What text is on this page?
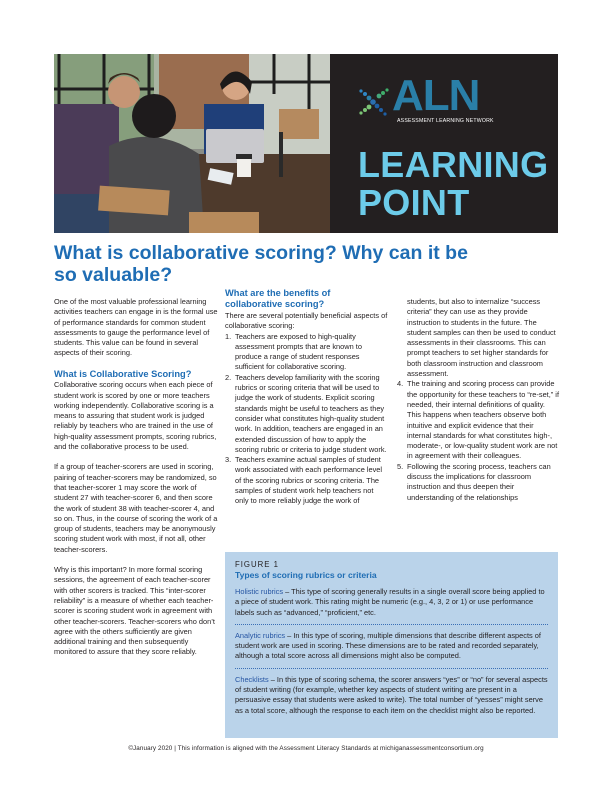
ALN
ASSESSMENT LEARNING NETWORK
LEARNING
POINT
What is collaborative scoring? Why can it be so valuable?

One of the most valuable professional learning activities teachers can engage in is the formal use of performance standards for common student assessments to gauge the performance level of students. This value can be found in several aspects of their scoring.

What is Collaborative Scoring?

Collaborative scoring occurs when each piece of student work is scored by one or more teachers working independently. Collaborative scoring is a means to assuring that student work is judged reliably by teachers who are trained in the use of high-quality assessment prompts, scoring rubrics, and the collaborative process to be used.

If a group of teacher-scorers are used in scoring, pairing of teacher-scorers may be randomized, so that teacher-scorer 1 may score the work of student 27 with teacher-scorer 6, and then score the work of student 38 with teacher-scorer 4, and so on. Thus, in the course of scoring the work of a group of students, teachers may be anonymously scoring student work with most, if not all, other teacher-scorers.

Why is this important? In more formal scoring sessions, the agreement of each teacher-scorer with other scorers is tracked. This “inter-scorer reliability” is a measure of whether each teacher-scorer is scoring student work in agreement with other teacher-scorers. Teacher-scorers who don’t agree with the others sufficiently are given additional training and then subsequently monitored to assure that they score reliably.

What are the benefits of collaborative scoring?
There are several potentially beneficial aspects of collaborative scoring:
1. Teachers are exposed to high-quality assessment prompts that are known to produce a range of student responses sufficient for collaborative scoring.
2. Teachers develop familiarity with the scoring rubrics or scoring criteria that will be used to judge the work of students. Explicit scoring standards might be useful to teachers as they consider what constitutes high-quality student work. In addition, teachers are engaged in an extended discussion of how to apply the scoring rubric or criteria to judge student work.
3. Teachers examine actual samples of student work associated with each performance level of the scoring rubrics or scoring criteria. The samples of student work help teachers not only to more reliably judge the work of
students, but also to internalize “success criteria” they can use as they provide instruction to students in the future. The student samples can then be used to conduct assessments in their classrooms. This can prompt teachers to set higher standards for both classroom instruction and classroom assessment.
4. The training and scoring process can provide the opportunity for these teachers to “re-set,” if needed, their internal definitions of quality. This happens when teachers observe both intuitive and explicit evidence that their internal standards for what constitutes high-, moderate-, or low-quality student work are not in agreement with their colleagues.
5. Following the scoring process, teachers can discuss the implications for classroom instruction and thus deepen their understanding of the relationships
FIGURE 1
Types of scoring rubrics or criteria
Holistic rubrics – This type of scoring generally results in a single overall score being applied to a piece of student work. This rating might be numeric (e.g., 4, 3, 2 or 1) or use performance labels such as “advanced,” “proficient,” etc.
Analytic rubrics – In this type of scoring, multiple dimensions that describe different aspects of student work are used in scoring. These dimensions are to be rated and recorded separately, although a total score across all dimensions might also be computed.
Checklists – In this type of scoring schema, the scorer answers “yes” or “no” for several aspects of student writing (for example, whether key aspects of student writing are present in a persuasive essay that students were asked to write). The total number of “yesses” might serve as a total score, although the response to each item on the checklist might also be reported.
©January 2020 | This information is aligned with the Assessment Literacy Standards at michiganassessmentconsortium.org
